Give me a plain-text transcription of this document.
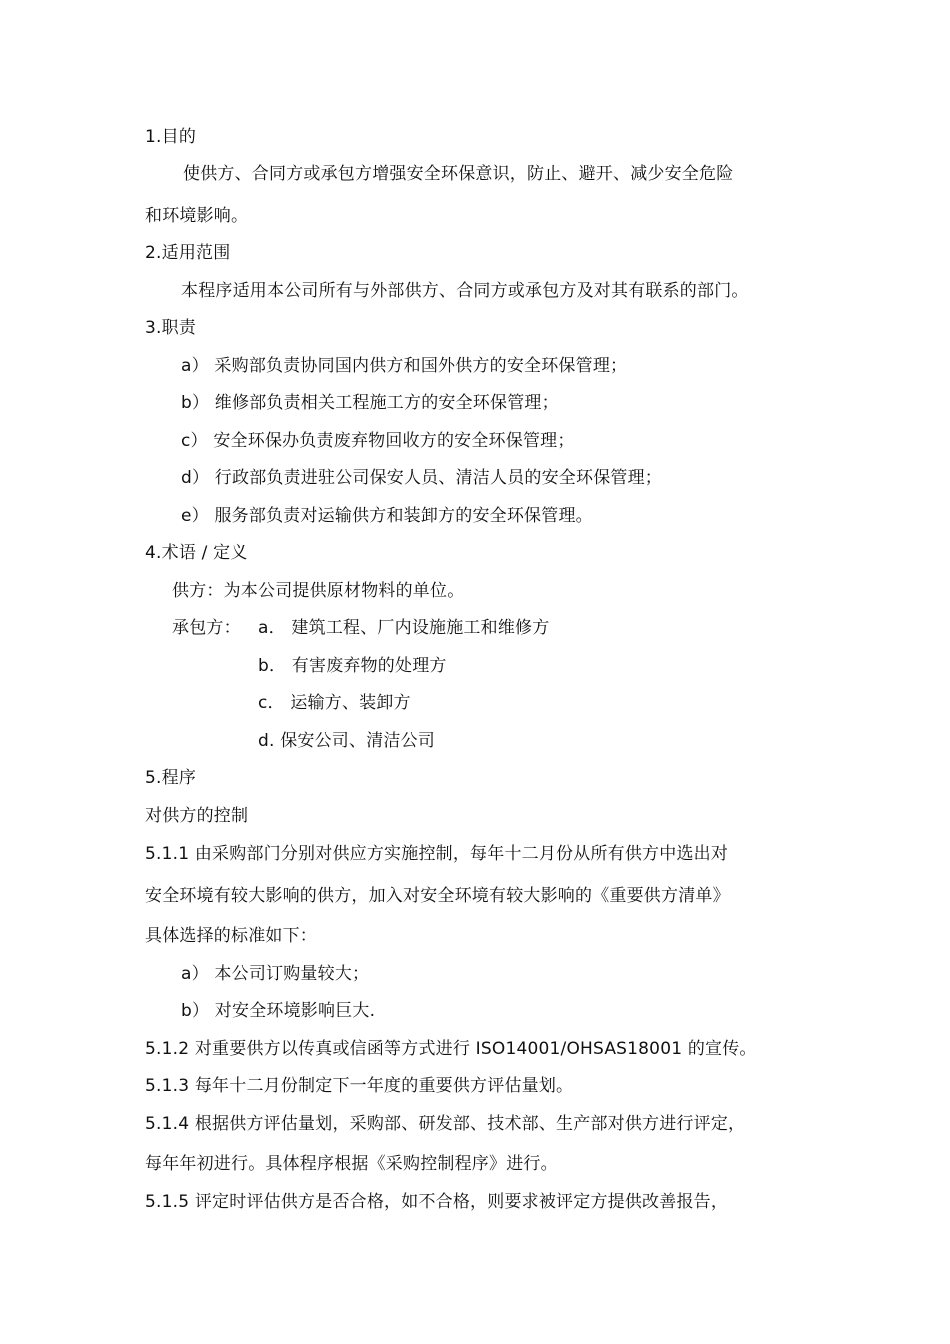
1.目的
使供方、合同方或承包方增强安全环保意识，防止、避开、减少安全危险
和环境影响。
2.适用范围
本程序适用本公司所有与外部供方、合同方或承包方及对其有联系的部门。
3.职责
a） 采购部负责协同国内供方和国外供方的安全环保管理；
b） 维修部负责相关工程施工方的安全环保管理；
c） 安全环保办负责废弃物回收方的安全环保管理；
d） 行政部负责进驻公司保安人员、清洁人员的安全环保管理；
e） 服务部负责对运输供方和装卸方的安全环保管理。
4.术语 / 定义
供方：为本公司提供原材物料的单位。
承包方： a． 建筑工程、厂内设施施工和维修方
b． 有害废弃物的处理方
c． 运输方、装卸方
d. 保安公司、清洁公司
5.程序
对供方的控制
5.1.1 由采购部门分别对供应方实施控制，每年十二月份从所有供方中选出对
安全环境有较大影响的供方，加入对安全环境有较大影响的《重要供方清单》
具体选择的标准如下：
a） 本公司订购量较大；
b） 对安全环境影响巨大.
5.1.2 对重要供方以传真或信函等方式进行 ISO14001/OHSAS18001 的宣传。
5.1.3 每年十二月份制定下一年度的重要供方评估量划。
5.1.4 根据供方评估量划，采购部、研发部、技术部、生产部对供方进行评定，
每年年初进行。具体程序根据《采购控制程序》进行。
5.1.5 评定时评估供方是否合格，如不合格，则要求被评定方提供改善报告，
